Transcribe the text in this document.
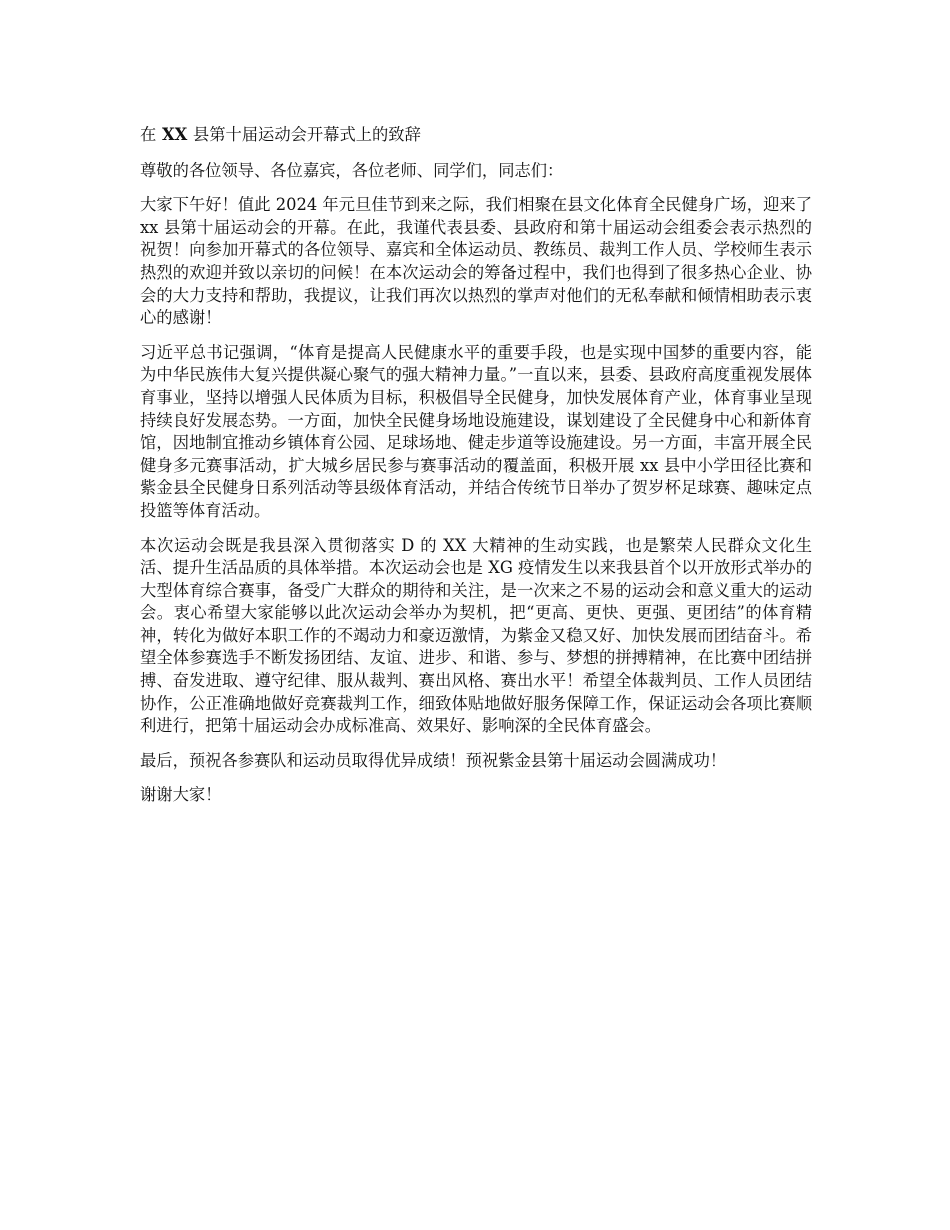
在 XX 县第十届运动会开幕式上的致辞

尊敬的各位领导、各位嘉宾，各位老师、同学们，同志们：

大家下午好！值此 2024 年元旦佳节到来之际，我们相聚在县文化体育全民健身广场，迎来了 xx 县第十届运动会的开幕。在此，我谨代表县委、县政府和第十届运动会组委会表示热烈的祝贺！向参加开幕式的各位领导、嘉宾和全体运动员、教练员、裁判工作人员、学校师生表示热烈的欢迎并致以亲切的问候！在本次运动会的筹备过程中，我们也得到了很多热心企业、协会的大力支持和帮助，我提议，让我们再次以热烈的掌声对他们的无私奉献和倾情相助表示衷心的感谢！

习近平总书记强调，“体育是提高人民健康水平的重要手段，也是实现中国梦的重要内容，能为中华民族伟大复兴提供凝心聚气的强大精神力量。”一直以来，县委、县政府高度重视发展体育事业，坚持以增强人民体质为目标，积极倡导全民健身，加快发展体育产业，体育事业呈现持续良好发展态势。一方面，加快全民健身场地设施建设，谋划建设了全民健身中心和新体育馆，因地制宜推动乡镇体育公园、足球场地、健走步道等设施建设。另一方面，丰富开展全民健身多元赛事活动，扩大城乡居民参与赛事活动的覆盖面，积极开展 xx 县中小学田径比赛和紫金县全民健身日系列活动等县级体育活动，并结合传统节日举办了贺岁杯足球赛、趣味定点投篮等体育活动。

本次运动会既是我县深入贯彻落实 D 的 XX 大精神的生动实践，也是繁荣人民群众文化生活、提升生活品质的具体举措。本次运动会也是 XG 疫情发生以来我县首个以开放形式举办的大型体育综合赛事，备受广大群众的期待和关注，是一次来之不易的运动会和意义重大的运动会。衷心希望大家能够以此次运动会举办为契机，把“更高、更快、更强、更团结”的体育精神，转化为做好本职工作的不竭动力和豪迈激情，为紫金又稳又好、加快发展而团结奋斗。希望全体参赛选手不断发扬团结、友谊、进步、和谐、参与、梦想的拼搏精神，在比赛中团结拼搏、奋发进取、遵守纪律、服从裁判、赛出风格、赛出水平！希望全体裁判员、工作人员团结协作，公正准确地做好竞赛裁判工作，细致体贴地做好服务保障工作，保证运动会各项比赛顺利进行，把第十届运动会办成标准高、效果好、影响深的全民体育盛会。

最后，预祝各参赛队和运动员取得优异成绩！预祝紫金县第十届运动会圆满成功！

谢谢大家！
